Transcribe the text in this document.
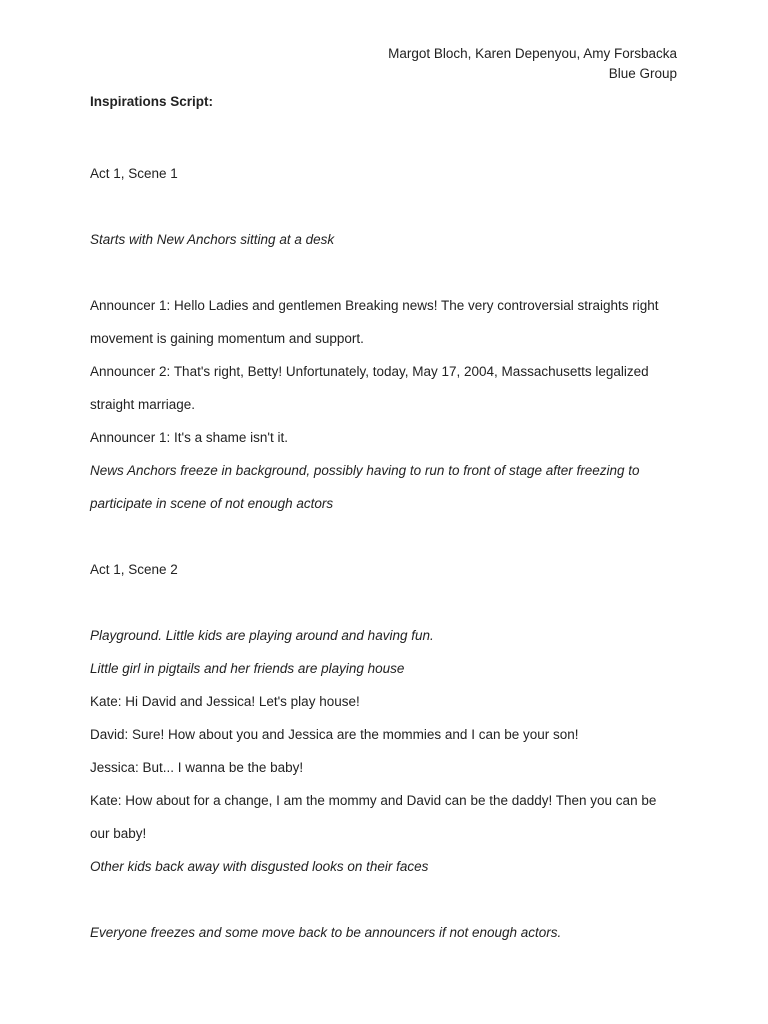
Margot Bloch, Karen Depenyou, Amy Forsbacka
Blue Group

Inspirations Script:

Act 1, Scene 1

Starts with New Anchors sitting at a desk

Announcer 1: Hello Ladies and gentlemen Breaking news! The very controversial straights right

movement is gaining momentum and support.

Announcer 2: That's right, Betty! Unfortunately, today, May 17, 2004, Massachusetts legalized

straight marriage.

Announcer 1: It's a shame isn't it.

News Anchors freeze in background, possibly having to run to front of stage after freezing to

participate in scene of not enough actors

Act 1, Scene 2

Playground. Little kids are playing around and having fun.

Little girl in pigtails and her friends are playing house

Kate: Hi David and Jessica! Let's play house!

David: Sure! How about you and Jessica are the mommies and I can be your son!

Jessica: But... I wanna be the baby!

Kate: How about for a change, I am the mommy and David can be the daddy! Then you can be

our baby!

Other kids back away with disgusted looks on their faces

Everyone freezes and some move back to be announcers if not enough actors.
